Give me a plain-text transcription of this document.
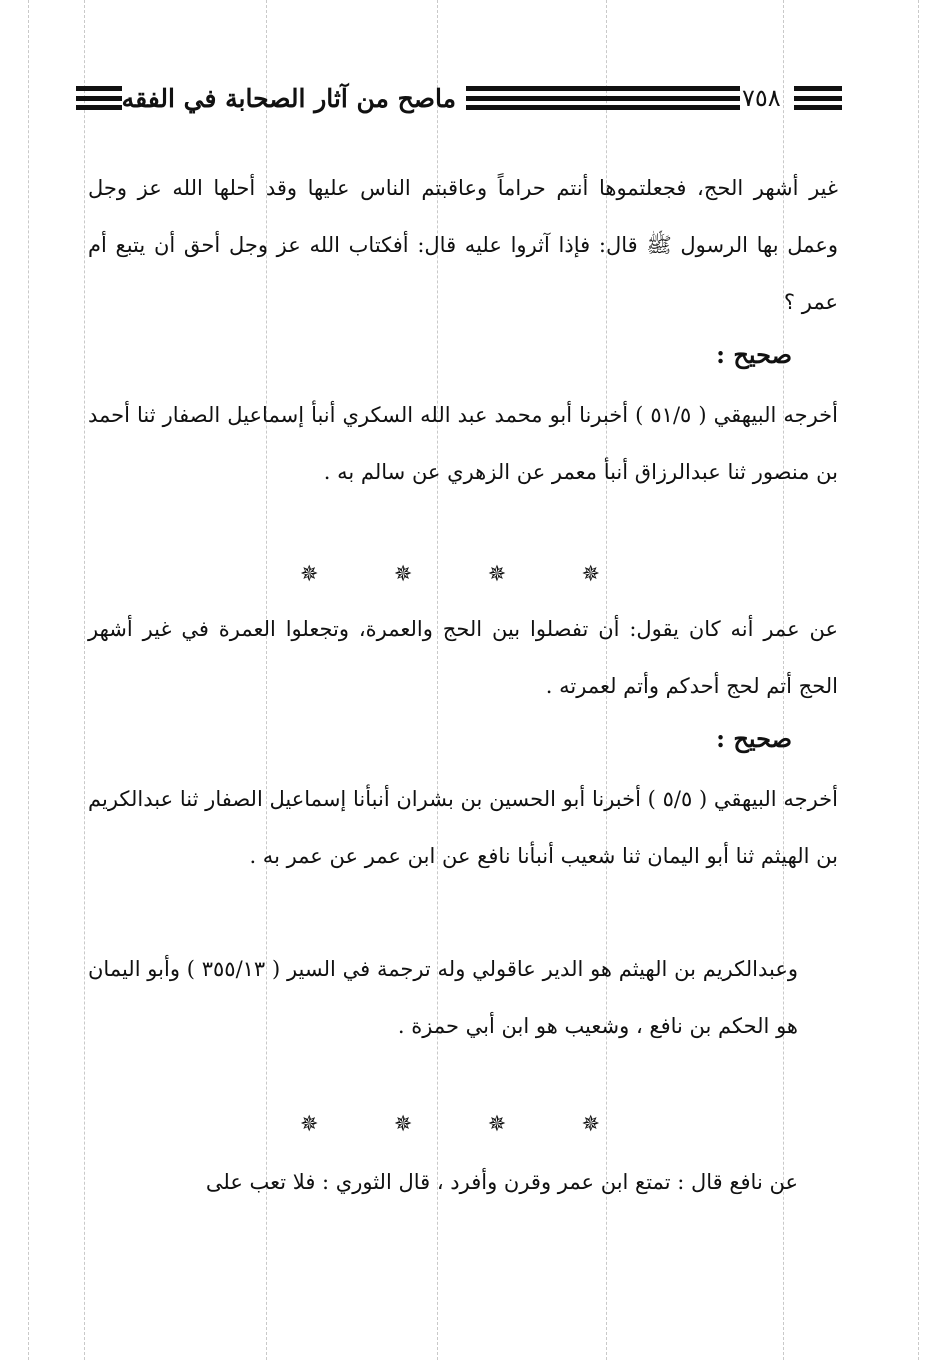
ماصح من آثار الصحابة في الفقه	٧٥٨

غير أشهر الحج، فجعلتموها أنتم حراماً وعاقبتم الناس عليها وقد أحلها الله عز وجل وعمل بها الرسول ﷺ قال: فإذا آثروا عليه قال: أفكتاب الله عز وجل أحق أن يتبع أم عمر ؟

صحيح :

أخرجه البيهقي ( ٥١/٥ ) أخبرنا أبو محمد عبد الله السكري أنبأ إسماعيل الصفار ثنا أحمد بن منصور ثنا عبدالرزاق أنبأ معمر عن الزهري عن سالم به .

✵	✵	✵	✵

عن عمر أنه كان يقول: أن تفصلوا بين الحج والعمرة، وتجعلوا العمرة في غير أشهر الحج أتم لحج أحدكم وأتم لعمرته .

صحيح :

أخرجه البيهقي ( ٥/٥ ) أخبرنا أبو الحسين بن بشران أنبأنا إسماعيل الصفار ثنا عبدالكريم بن الهيثم ثنا أبو اليمان ثنا شعيب أنبأنا نافع عن ابن عمر عن عمر به .

وعبدالكريم بن الهيثم هو الدير عاقولي وله ترجمة في السير ( ٣٥٥/١٣ ) وأبو اليمان هو الحكم بن نافع ، وشعيب هو ابن أبي حمزة .

✵	✵	✵	✵

عن نافع قال : تمتع ابن عمر وقرن وأفرد ، قال الثوري : فلا تعب على
